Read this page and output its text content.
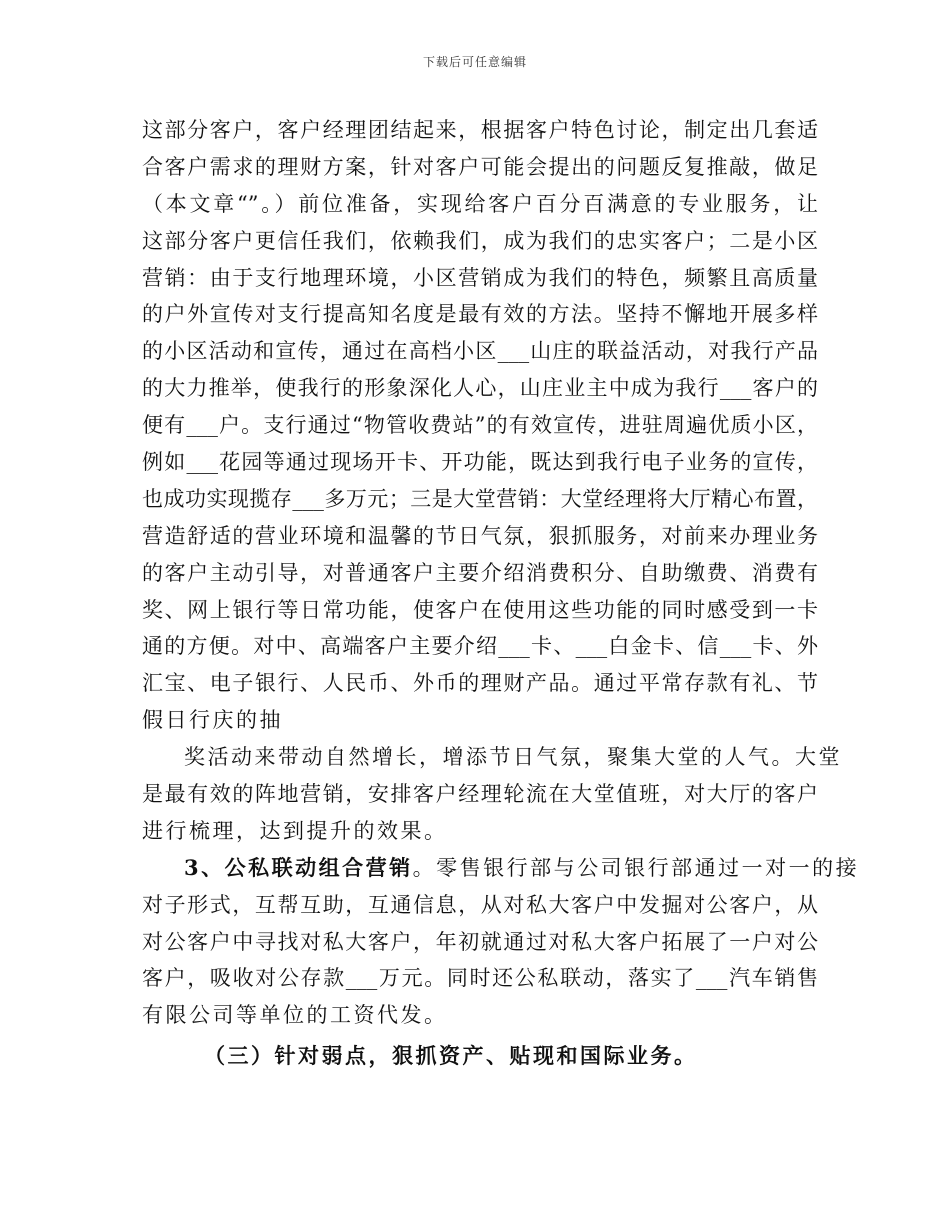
下载后可任意编辑
这部分客户，客户经理团结起来，根据客户特色讨论，制定出几套适
合客户需求的理财方案，针对客户可能会提出的问题反复推敲，做足
（本文章“”。）前位准备，实现给客户百分百满意的专业服务，让
这部分客户更信任我们，依赖我们，成为我们的忠实客户；二是小区
营销：由于支行地理环境，小区营销成为我们的特色，频繁且高质量
的户外宣传对支行提高知名度是最有效的方法。坚持不懈地开展多样
的小区活动和宣传，通过在高档小区___山庄的联益活动，对我行产品
的大力推举，使我行的形象深化人心，山庄业主中成为我行___客户的
便有___户。支行通过“物管收费站”的有效宣传，进驻周遍优质小区，
例如___花园等通过现场开卡、开功能，既达到我行电子业务的宣传，
也成功实现揽存___多万元；三是大堂营销：大堂经理将大厅精心布置，
营造舒适的营业环境和温馨的节日气氛，狠抓服务，对前来办理业务
的客户主动引导，对普通客户主要介绍消费积分、自助缴费、消费有
奖、网上银行等日常功能，使客户在使用这些功能的同时感受到一卡
通的方便。对中、高端客户主要介绍___卡、___白金卡、信___卡、外
汇宝、电子银行、人民币、外币的理财产品。通过平常存款有礼、节
假日行庆的抽
奖活动来带动自然增长，增添节日气氛，聚集大堂的人气。大堂
是最有效的阵地营销，安排客户经理轮流在大堂值班，对大厅的客户
进行梳理，达到提升的效果。
3、公私联动组合营销。零售银行部与公司银行部通过一对一的接
对子形式，互帮互助，互通信息，从对私大客户中发掘对公客户，从
对公客户中寻找对私大客户，年初就通过对私大客户拓展了一户对公
客户，吸收对公存款___万元。同时还公私联动，落实了___汽车销售
有限公司等单位的工资代发。
（三）针对弱点，狠抓资产、贴现和国际业务。
